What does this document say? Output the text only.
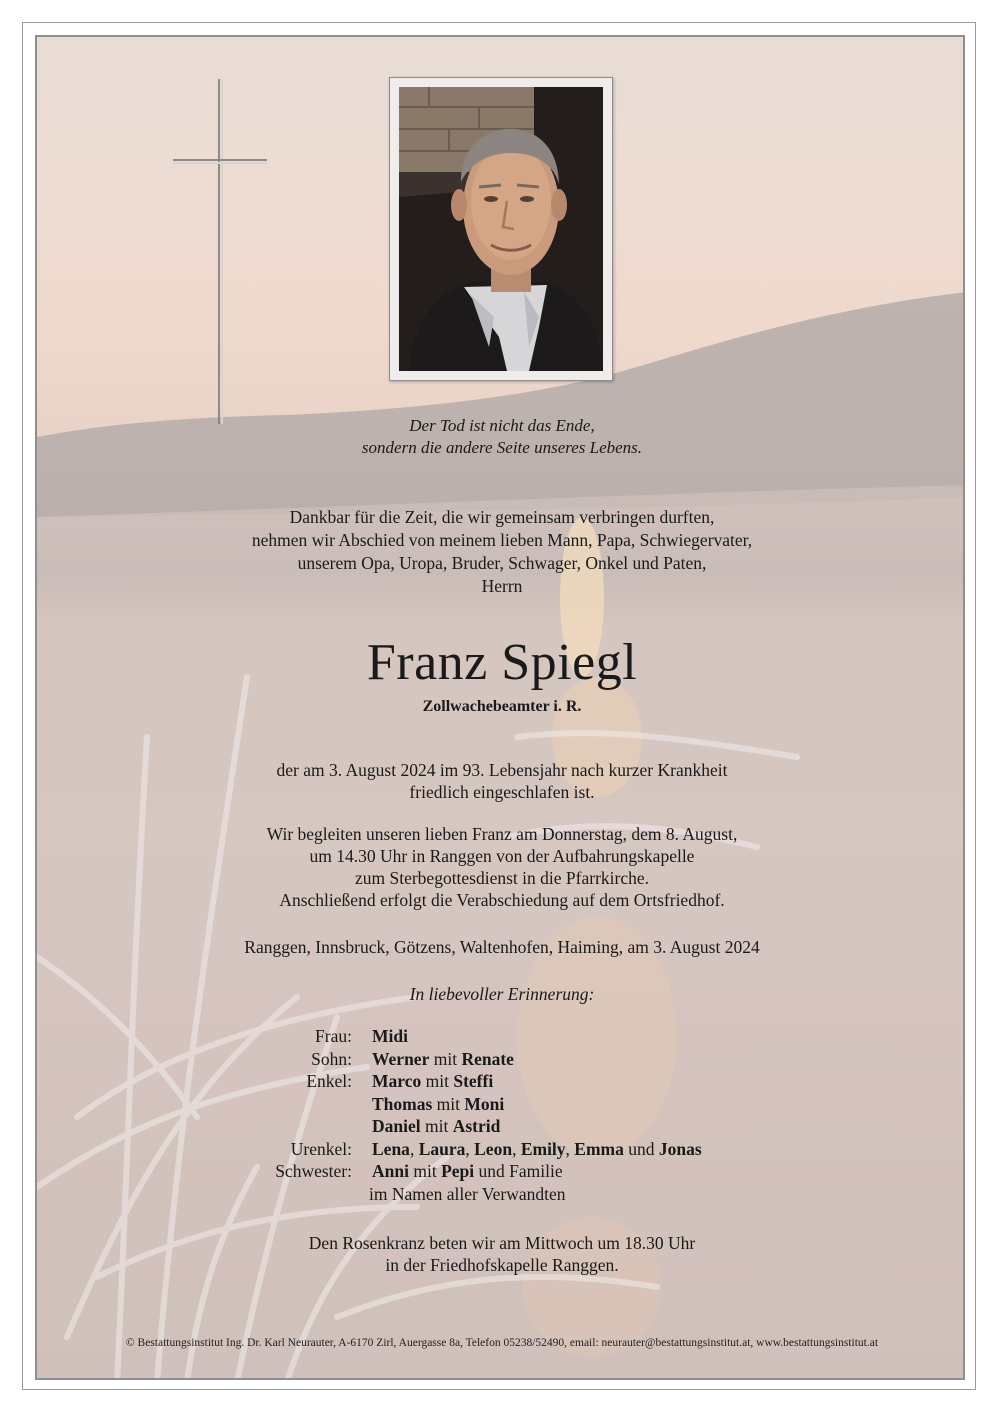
Der Tod ist nicht das Ende,
sondern die andere Seite unseres Lebens.
Dankbar für die Zeit, die wir gemeinsam verbringen durften,
nehmen wir Abschied von meinem lieben Mann, Papa, Schwiegervater,
unserem Opa, Uropa, Bruder, Schwager, Onkel und Paten,
Herrn
Franz Spiegl
Zollwachebeamter i. R.
der am 3. August 2024 im 93. Lebensjahr nach kurzer Krankheit
friedlich eingeschlafen ist.
Wir begleiten unseren lieben Franz am Donnerstag, dem 8. August,
um 14.30 Uhr in Ranggen von der Aufbahrungskapelle
zum Sterbegottesdienst in die Pfarrkirche.
Anschließend erfolgt die Verabschiedung auf dem Ortsfriedhof.
Ranggen, Innsbruck, Götzens, Waltenhofen, Haiming, am 3. August 2024
In liebevoller Erinnerung:
Frau:	Midi
Sohn:	Werner mit Renate
Enkel:	Marco mit Steffi
Thomas mit Moni
Daniel mit Astrid
Urenkel:	Lena, Laura, Leon, Emily, Emma und Jonas
Schwester:	Anni mit Pepi und Familie
im Namen aller Verwandten
Den Rosenkranz beten wir am Mittwoch um 18.30 Uhr
in der Friedhofskapelle Ranggen.
© Bestattungsinstitut Ing. Dr. Karl Neurauter, A-6170 Zirl, Auergasse 8a, Telefon 05238/52490, email: neurauter@bestattungsinstitut.at, www.bestattungsinstitut.at
